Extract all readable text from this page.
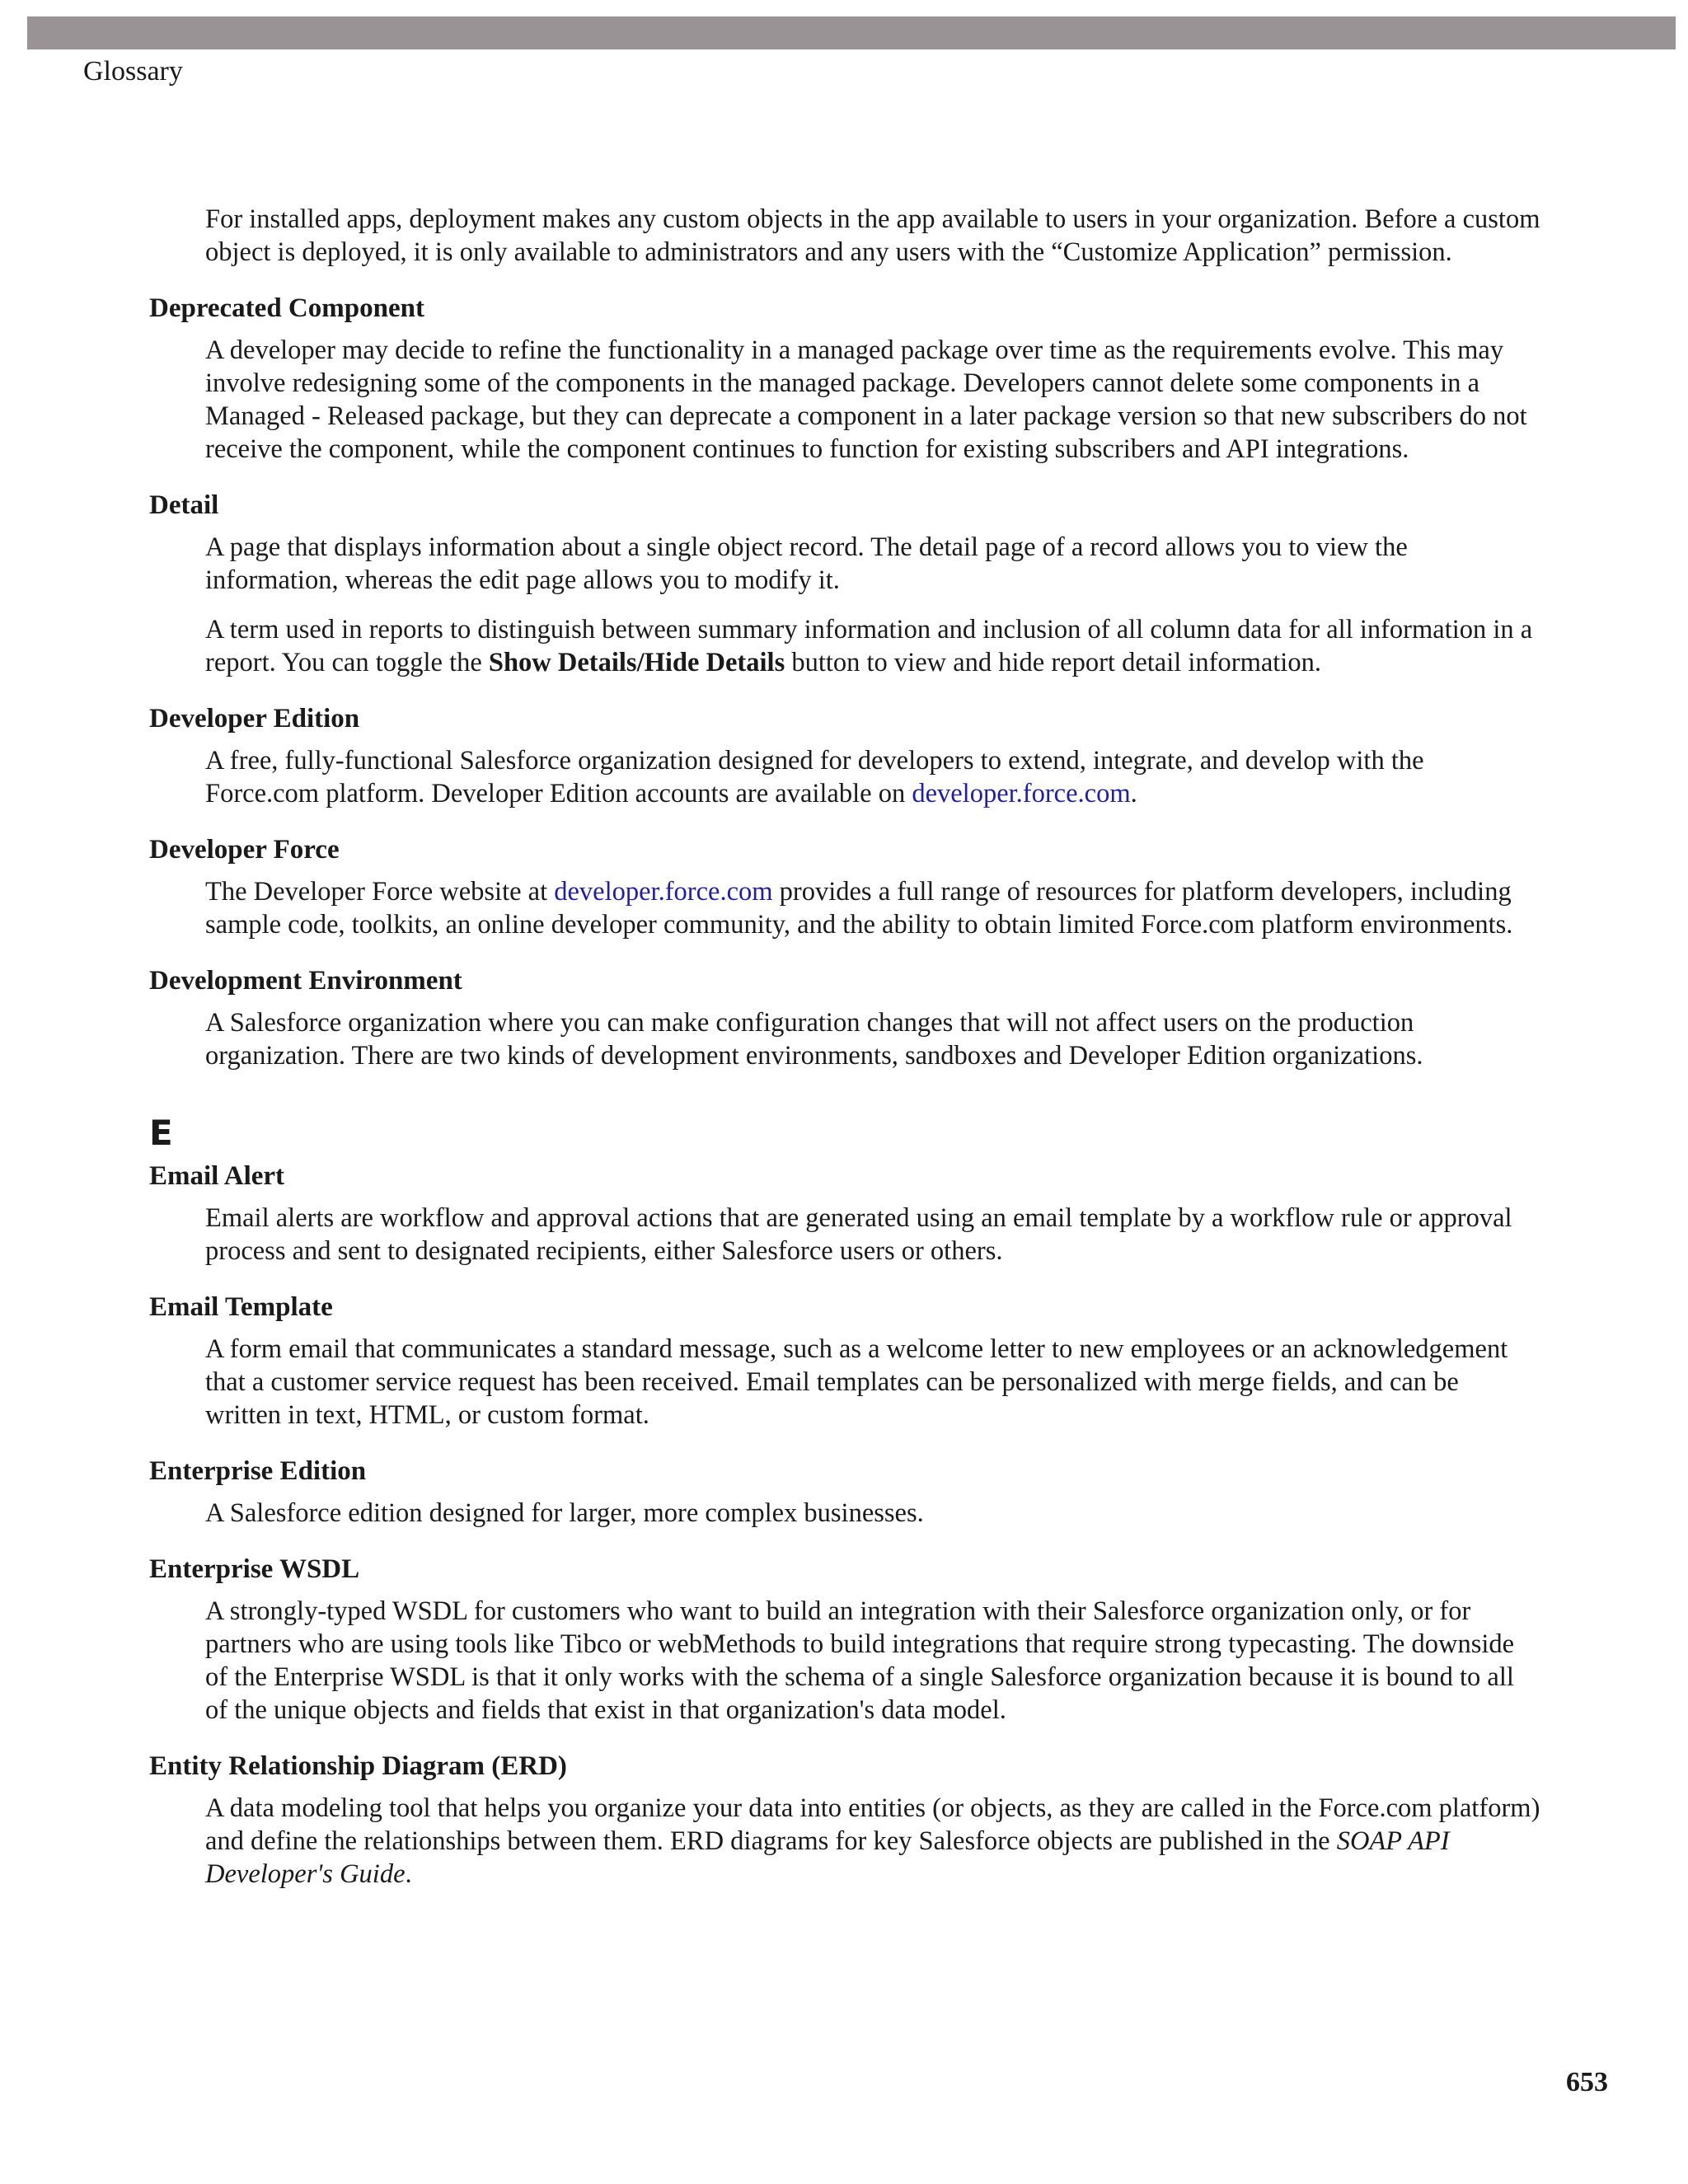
Glossary

For installed apps, deployment makes any custom objects in the app available to users in your organization. Before a custom object is deployed, it is only available to administrators and any users with the “Customize Application” permission.

Deprecated Component

A developer may decide to refine the functionality in a managed package over time as the requirements evolve. This may involve redesigning some of the components in the managed package. Developers cannot delete some components in a Managed - Released package, but they can deprecate a component in a later package version so that new subscribers do not receive the component, while the component continues to function for existing subscribers and API integrations.

Detail

A page that displays information about a single object record. The detail page of a record allows you to view the information, whereas the edit page allows you to modify it.

A term used in reports to distinguish between summary information and inclusion of all column data for all information in a report. You can toggle the Show Details/Hide Details button to view and hide report detail information.

Developer Edition

A free, fully-functional Salesforce organization designed for developers to extend, integrate, and develop with the Force.com platform. Developer Edition accounts are available on developer.force.com.

Developer Force

The Developer Force website at developer.force.com provides a full range of resources for platform developers, including sample code, toolkits, an online developer community, and the ability to obtain limited Force.com platform environments.

Development Environment

A Salesforce organization where you can make configuration changes that will not affect users on the production organization. There are two kinds of development environments, sandboxes and Developer Edition organizations.

E
Email Alert

Email alerts are workflow and approval actions that are generated using an email template by a workflow rule or approval process and sent to designated recipients, either Salesforce users or others.

Email Template

A form email that communicates a standard message, such as a welcome letter to new employees or an acknowledgement that a customer service request has been received. Email templates can be personalized with merge fields, and can be written in text, HTML, or custom format.

Enterprise Edition

A Salesforce edition designed for larger, more complex businesses.

Enterprise WSDL

A strongly-typed WSDL for customers who want to build an integration with their Salesforce organization only, or for partners who are using tools like Tibco or webMethods to build integrations that require strong typecasting. The downside of the Enterprise WSDL is that it only works with the schema of a single Salesforce organization because it is bound to all of the unique objects and fields that exist in that organization's data model.

Entity Relationship Diagram (ERD)

A data modeling tool that helps you organize your data into entities (or objects, as they are called in the Force.com platform) and define the relationships between them. ERD diagrams for key Salesforce objects are published in the SOAP API Developer's Guide.

653
